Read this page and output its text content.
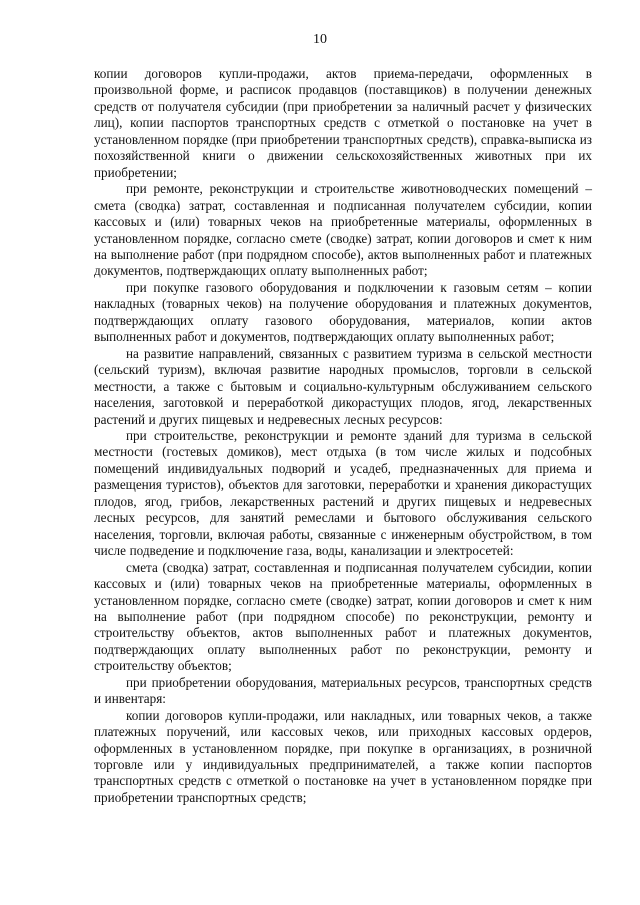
10

копии договоров купли-продажи, актов приема-передачи, оформленных в произвольной форме, и расписок продавцов (поставщиков) в получении денежных средств от получателя субсидии (при приобретении за наличный расчет у физических лиц), копии паспортов транспортных средств с отметкой о постановке на учет в установленном порядке (при приобретении транспортных средств), справка-выписка из похозяйственной книги о движении сельскохозяйственных животных при их приобретении;

при ремонте, реконструкции и строительстве животноводческих помещений – смета (сводка) затрат, составленная и подписанная получателем субсидии, копии кассовых и (или) товарных чеков на приобретенные материалы, оформленных в установленном порядке, согласно смете (сводке) затрат, копии договоров и смет к ним на выполнение работ (при подрядном способе), актов выполненных работ и платежных документов, подтверждающих оплату выполненных работ;

при покупке газового оборудования и подключении к газовым сетям – копии накладных (товарных чеков) на получение оборудования и платежных документов, подтверждающих оплату газового оборудования, материалов, копии актов выполненных работ и документов, подтверждающих оплату выполненных работ;

на развитие направлений, связанных с развитием туризма в сельской местности (сельский туризм), включая развитие народных промыслов, торговли в сельской местности, а также с бытовым и социально-культурным обслуживанием сельского населения, заготовкой и переработкой дикорастущих плодов, ягод, лекарственных растений и других пищевых и недревесных лесных ресурсов:

при строительстве, реконструкции и ремонте зданий для туризма в сельской местности (гостевых домиков), мест отдыха (в том числе жилых и подсобных помещений индивидуальных подворий и усадеб, предназначенных для приема и размещения туристов), объектов для заготовки, переработки и хранения дикорастущих плодов, ягод, грибов, лекарственных растений и других пищевых и недревесных лесных ресурсов, для занятий ремеслами и бытового обслуживания сельского населения, торговли, включая работы, связанные с инженерным обустройством, в том числе подведение и подключение газа, воды, канализации и электросетей:

смета (сводка) затрат, составленная и подписанная получателем субсидии, копии кассовых и (или) товарных чеков на приобретенные материалы, оформленных в установленном порядке, согласно смете (сводке) затрат, копии договоров и смет к ним на выполнение работ (при подрядном способе) по реконструкции, ремонту и строительству объектов, актов выполненных работ и платежных документов, подтверждающих оплату выполненных работ по реконструкции, ремонту и строительству объектов;

при приобретении оборудования, материальных ресурсов, транспортных средств и инвентаря:

копии договоров купли-продажи, или накладных, или товарных чеков, а также платежных поручений, или кассовых чеков, или приходных кассовых ордеров, оформленных в установленном порядке, при покупке в организациях, в розничной торговле или у индивидуальных предпринимателей, а также копии паспортов транспортных средств с отметкой о постановке на учет в установленном порядке при приобретении транспортных средств;
